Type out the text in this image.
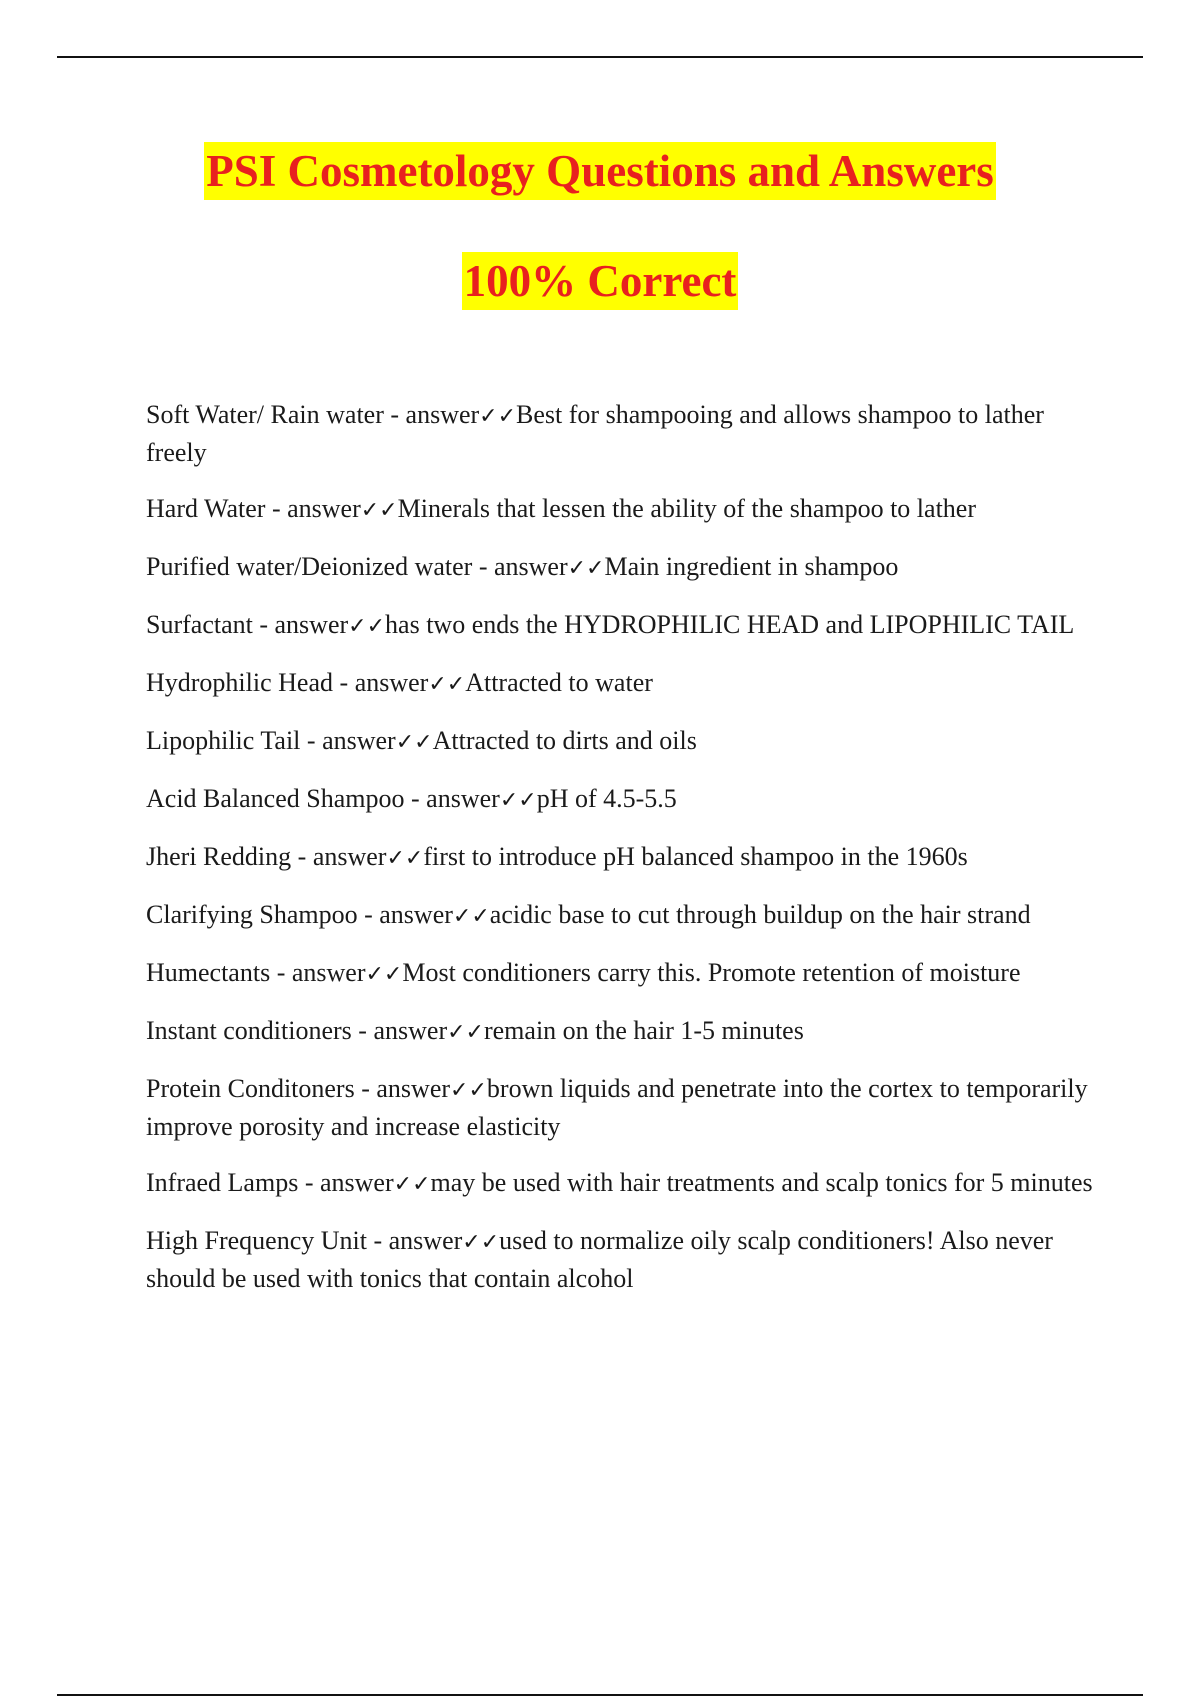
PSI Cosmetology Questions and Answers
100% Correct

Soft Water/ Rain water - answer✓✓Best for shampooing and allows shampoo to lather freely

Hard Water - answer✓✓Minerals that lessen the ability of the shampoo to lather

Purified water/Deionized water - answer✓✓Main ingredient in shampoo

Surfactant - answer✓✓has two ends the HYDROPHILIC HEAD and LIPOPHILIC TAIL

Hydrophilic Head - answer✓✓Attracted to water

Lipophilic Tail - answer✓✓Attracted to dirts and oils

Acid Balanced Shampoo - answer✓✓pH of 4.5-5.5

Jheri Redding - answer✓✓first to introduce pH balanced shampoo in the 1960s

Clarifying Shampoo - answer✓✓acidic base to cut through buildup on the hair strand

Humectants - answer✓✓Most conditioners carry this. Promote retention of moisture

Instant conditioners - answer✓✓remain on the hair 1-5 minutes

Protein Conditoners - answer✓✓brown liquids and penetrate into the cortex to temporarily improve porosity and increase elasticity

Infraed Lamps - answer✓✓may be used with hair treatments and scalp tonics for 5 minutes

High Frequency Unit - answer✓✓used to normalize oily scalp conditioners! Also never should be used with tonics that contain alcohol
